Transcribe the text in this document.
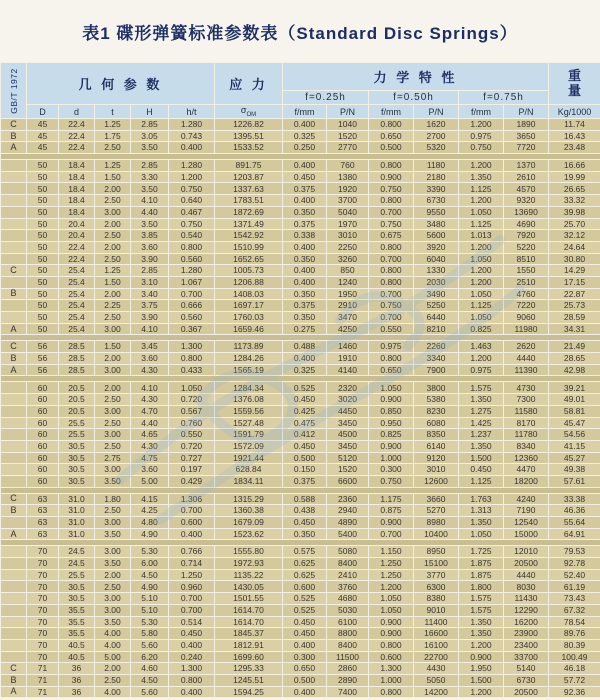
表1 碟形弹簧标准参数表（Standard Disc Springs）
GB/T 1972	几 何 参 数					应 力	力 学 特 性						重
量

							f=0.25h		f=0.50h		f=0.75h		
	D	d	t	H	h/t	$\sigma_{OM}$	f/mm	P/N	f/mm	P/N	f/mm	P/N	Kg/1000
C	45	22.4	1.25	2.85	1.280	1226.82	0.400	1040	0.800	1620	1.200	1890	11.74
B	45	22.4	1.75	3.05	0.743	1395.51	0.325	1520	0.650	2700	0.975	3650	16.43
A	45	22.4	2.50	3.50	0.400	1533.52	0.250	2770	0.500	5320	0.750	7720	23.48

	50	18.4	1.25	2.85	1.280	891.75	0.400	760	0.800	1180	1.200	1370	16.66
	50	18.4	1.50	3.30	1.200	1203.87	0.450	1380	0.900	2180	1.350	2610	19.99
	50	18.4	2.00	3.50	0.750	1337.63	0.375	1920	0.750	3390	1.125	4570	26.65
	50	18.4	2.50	4.10	0.640	1783.51	0.400	3700	0.800	6730	1.200	9320	33.32
	50	18.4	3.00	4.40	0.467	1872.69	0.350	5040	0.700	9550	1.050	13690	39.98
	50	20.4	2.00	3.50	0.750	1371.49	0.375	1970	0.750	3480	1.125	4690	25.70
	50	20.4	2.50	3.85	0.540	1542.92	0.338	3010	0.675	5600	1.013	7920	32.12
	50	22.4	2.00	3.60	0.800	1510.99	0.400	2250	0.800	3920	1.200	5220	24.64
	50	22.4	2.50	3.90	0.560	1652.65	0.350	3260	0.700	6040	1.050	8510	30.80
C	50	25.4	1.25	2.85	1.280	1005.73	0.400	850	0.800	1330	1.200	1550	14.29
	50	25.4	1.50	3.10	1.067	1206.88	0.400	1240	0.800	2030	1.200	2510	17.15
B	50	25.4	2.00	3.40	0.700	1408.03	0.350	1950	0.700	3490	1.050	4760	22.87
	50	25.4	2.25	3.75	0.666	1697.17	0.375	2910	0.750	5250	1.125	7220	25.73
	50	25.4	2.50	3.90	0.560	1760.03	0.350	3470	0.700	6440	1.050	9060	28.59
A	50	25.4	3.00	4.10	0.367	1659.46	0.275	4250	0.550	8210	0.825	11980	34.31

C	56	28.5	1.50	3.45	1.300	1173.89	0.488	1460	0.975	2260	1.463	2620	21.49
B	56	28.5	2.00	3.60	0.800	1284.26	0.400	1910	0.800	3340	1.200	4440	28.65
A	56	28.5	3.00	4.30	0.433	1565.19	0.325	4140	0.650	7900	0.975	11390	42.98

	60	20.5	2.00	4.10	1.050	1284.34	0.525	2320	1.050	3800	1.575	4730	39.21
	60	20.5	2.50	4.30	0.720	1376.08	0.450	3020	0.900	5380	1.350	7300	49.01
	60	20.5	3.00	4.70	0.567	1559.56	0.425	4450	0.850	8230	1.275	11580	58.81
	60	25.5	2.50	4.40	0.760	1527.48	0.475	3450	0.950	6080	1.425	8170	45.47
	60	25.5	3.00	4.65	0.550	1591.79	0.412	4500	0.825	8350	1.237	11780	54.56
	60	30.5	2.50	4.30	0.720	1572.09	0.450	3450	0.900	6140	1.350	8340	41.15
	60	30.5	2.75	4.75	0.727	1921.44	0.500	5120	1.000	9120	1.500	12360	45.27
	60	30.5	3.00	3.60	0.197	628.84	0.150	1520	0.300	3010	0.450	4470	49.38
	60	30.5	3.50	5.00	0.429	1834.11	0.375	6600	0.750	12600	1.125	18200	57.61

C	63	31.0	1.80	4.15	1.306	1315.29	0.588	2360	1.175	3660	1.763	4240	33.38
B	63	31.0	2.50	4.25	0.700	1360.38	0.438	2940	0.875	5270	1.313	7190	46.36
	63	31.0	3.00	4.80	0.600	1679.09	0.450	4890	0.900	8980	1.350	12540	55.64
A	63	31.0	3.50	4.90	0.400	1523.62	0.350	5400	0.700	10400	1.050	15000	64.91

	70	24.5	3.00	5.30	0.766	1555.80	0.575	5080	1.150	8950	1.725	12010	79.53
	70	24.5	3.50	6.00	0.714	1972.93	0.625	8400	1.250	15100	1.875	20500	92.78
	70	25.5	2.00	4.50	1.250	1135.22	0.625	2410	1.250	3770	1.875	4440	52.40
	70	30.5	2.50	4.90	0.960	1430.05	0.600	3760	1.200	6300	1.800	8030	61.19
	70	30.5	3.00	5.10	0.700	1501.55	0.525	4680	1.050	8380	1.575	11430	73.43
	70	35.5	3.00	5.10	0.700	1614.70	0.525	5030	1.050	9010	1.575	12290	67.32
	70	35.5	3.50	5.30	0.514	1614.70	0.450	6100	0.900	11400	1.350	16200	78.54
	70	35.5	4.00	5.80	0.450	1845.37	0.450	8800	0.900	16600	1.350	23900	89.76
	70	40.5	4.00	5.60	0.400	1812.91	0.400	8400	0.800	16100	1.200	23400	80.39
	70	40.5	5.00	6.20	0.240	1699.60	0.300	11500	0.600	22700	0.900	33700	100.49
C	71	36	2.00	4.60	1.300	1295.33	0.650	2860	1.300	4430	1.950	5140	46.18
B	71	36	2.50	4.50	0.800	1245.51	0.500	2890	1.000	5050	1.500	6730	57.72
A	71	36	4.00	5.60	0.400	1594.25	0.400	7400	0.800	14200	1.200	20500	92.36
